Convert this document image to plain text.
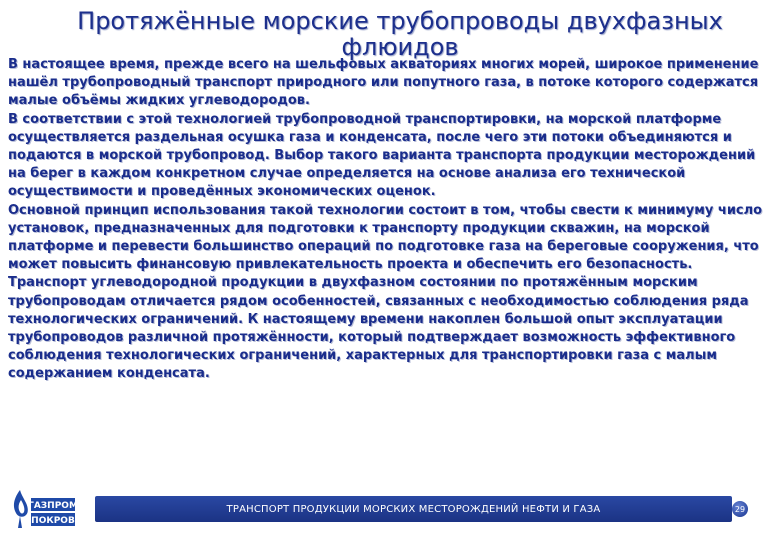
Протяжённые морские трубопроводы двухфазных флюидов

В настоящее время, прежде всего на шельфовых акваториях многих морей, широкое применение нашёл трубопроводный транспорт природного или попутного газа, в потоке которого содержатся малые объёмы жидких углеводородов.

В соответствии с этой технологией трубопроводной транспортировки, на морской платформе осуществляется раздельная осушка газа и конденсата, после чего эти потоки объединяются и подаются в морской трубопровод. Выбор такого варианта транспорта продукции месторождений на берег в каждом конкретном случае определяется на основе анализа его технической осуществимости и проведённых экономических оценок.

Основной принцип использования такой технологии состоит в том, чтобы свести к минимуму число установок, предназначенных для подготовки к транспорту продукции скважин, на морской платформе и перевести большинство операций по подготовке газа на береговые сооружения, что может повысить финансовую привлекательность проекта и обеспечить его безопасность.

Транспорт углеводородной продукции в двухфазном состоянии по протяжённым морским трубопроводам отличается рядом особенностей, связанных с необходимостью соблюдения ряда технологических ограничений. К настоящему времени накоплен большой опыт эксплуатации трубопроводов различной протяжённости, который подтверждает возможность эффективного соблюдения технологических ограничений, характерных для транспортировки газа с малым содержанием конденсата.

ГАЗПРОМ
ПОКРОВ
ТРАНСПОРТ ПРОДУКЦИИ МОРСКИХ МЕСТОРОЖДЕНИЙ НЕФТИ И ГАЗА	29
